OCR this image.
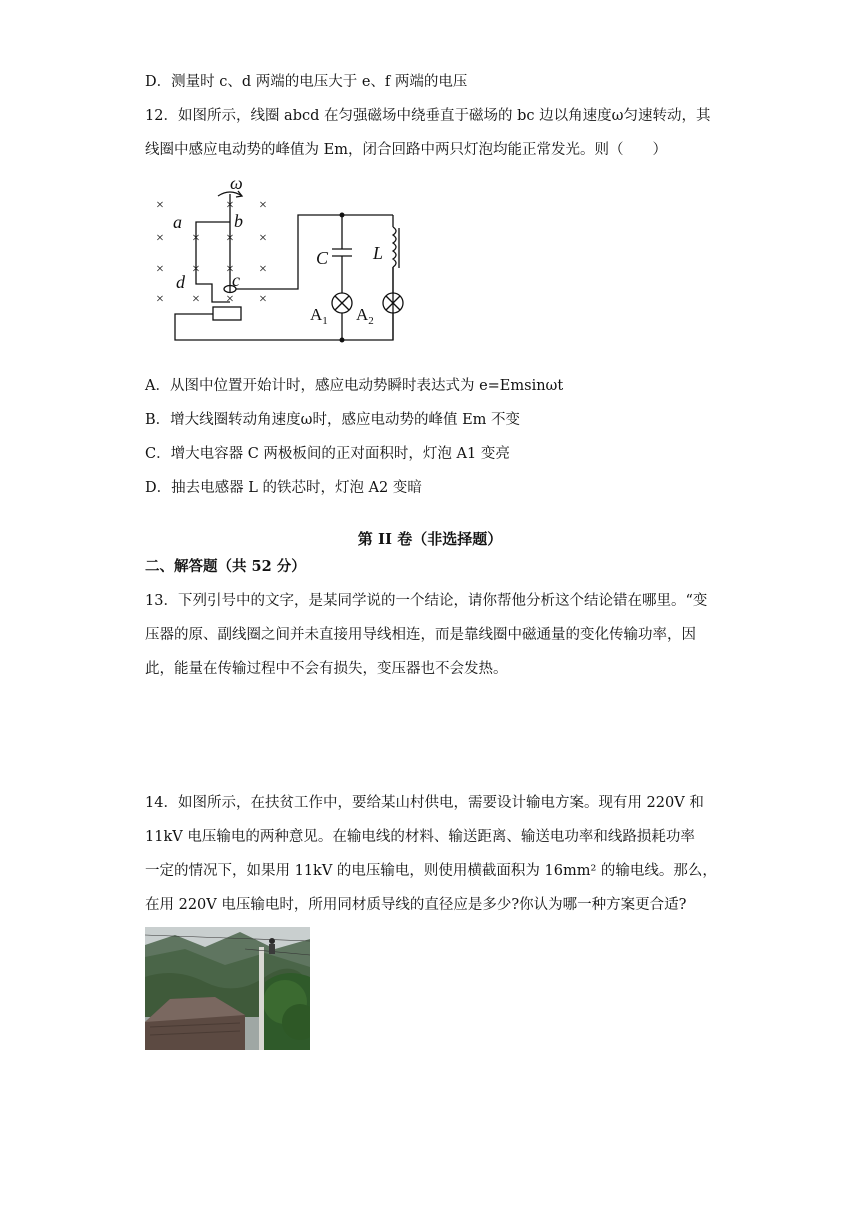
D．测量时 c、d 两端的电压大于 e、f 两端的电压
12．如图所示，线圈 abcd 在匀强磁场中绕垂直于磁场的 bc 边以角速度ω匀速转动，其
线圈中感应电动势的峰值为 Em，闭合回路中两只灯泡均能正常发光。则（　　）
×	× ×
× × × ×
× × × ×
× × × ×
ω
a	b
c
d
C L
$A_1$ $A_2$
A．从图中位置开始计时，感应电动势瞬时表达式为 e=Emsinωt
B．增大线圈转动角速度ω时，感应电动势的峰值 Em 不变
C．增大电容器 C 两极板间的正对面积时，灯泡 A1 变亮
D．抽去电感器 L 的铁芯时，灯泡 A2 变暗
第 II 卷（非选择题）
二、解答题（共 52 分）
13．下列引号中的文字，是某同学说的一个结论，请你帮他分析这个结论错在哪里。“变
压器的原、副线圈之间并未直接用导线相连，而是靠线圈中磁通量的变化传输功率，因
此，能量在传输过程中不会有损失，变压器也不会发热。
14．如图所示，在扶贫工作中，要给某山村供电，需要设计输电方案。现有用 220V 和
11kV 电压输电的两种意见。在输电线的材料、输送距离、输送电功率和线路损耗功率
一定的情况下，如果用 11kV 的电压输电，则使用横截面积为 16mm² 的输电线。那么，
在用 220V 电压输电时，所用同材质导线的直径应是多少?你认为哪一种方案更合适?
